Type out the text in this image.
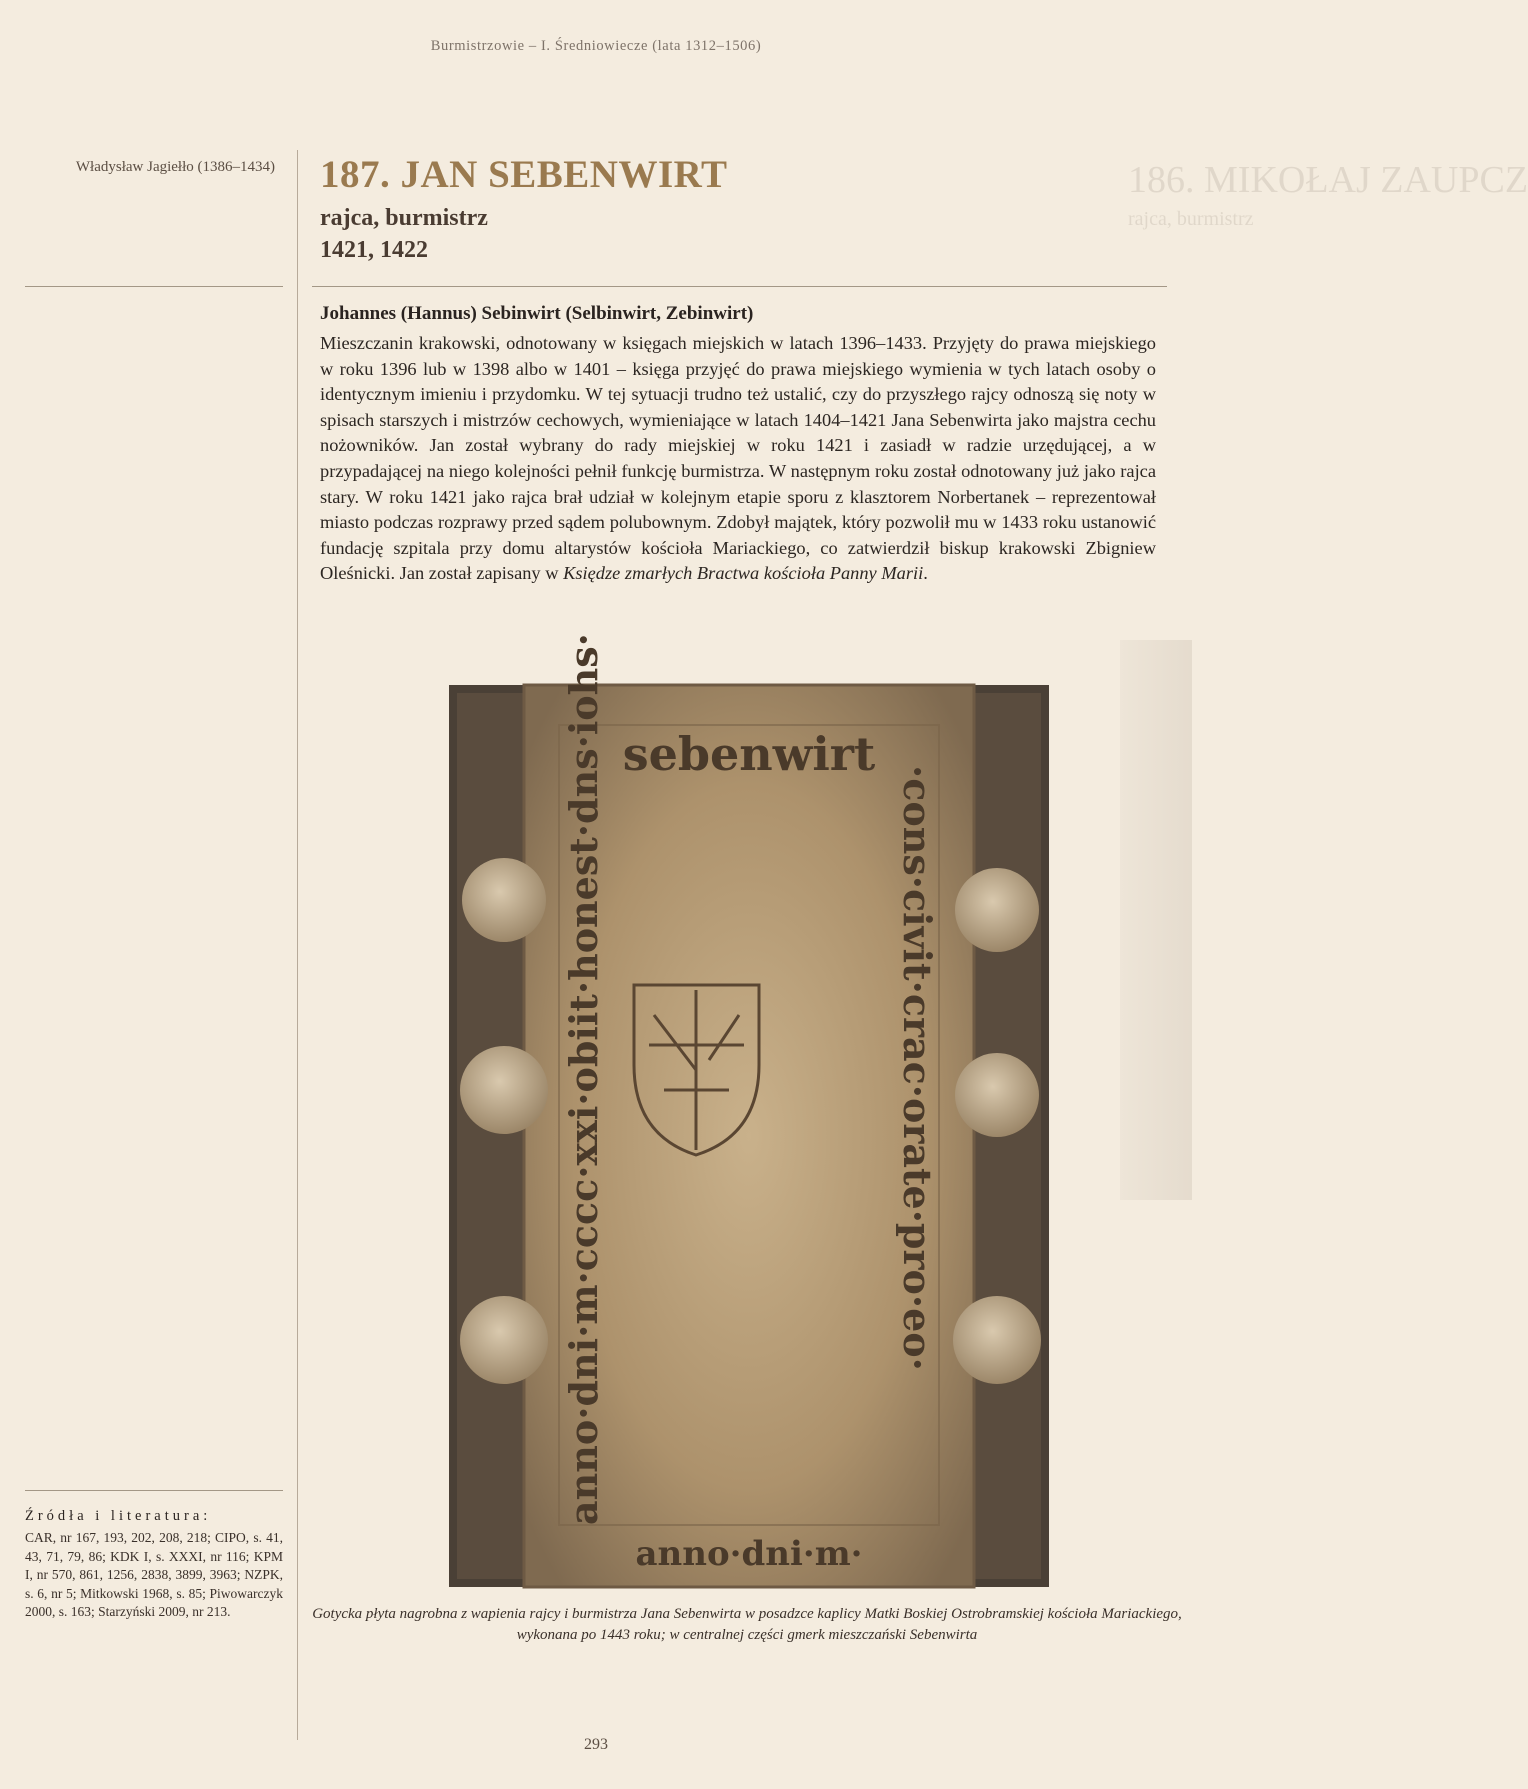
Burmistrzowie – I. Średniowiecze (lata 1312–1506)
186. MIKOŁAJ ZAUPCZ
rajca, burmistrz
Władysław Jagiełło (1386–1434) 187. JAN SEBENWIRT
rajca, burmistrz
1421, 1422
Johannes (Hannus) Sebinwirt (Selbinwirt, Zebinwirt)
Mieszczanin krakowski, odnotowany w księgach miejskich w latach 1396–1433. Przyjęty do prawa miejskiego w roku 1396 lub w 1398 albo w 1401 – księga przyjęć do prawa miejskiego wymienia w tych latach osoby o identycznym imieniu i przydomku. W tej sytuacji trudno też ustalić, czy do przyszłego rajcy odnoszą się noty w spisach starszych i mistrzów cechowych, wymieniające w latach 1404–1421 Jana Sebenwirta jako majstra cechu nożowników. Jan został wybrany do rady miejskiej w roku 1421 i zasiadł w radzie urzędującej, a w przypadającej na niego kolejności pełnił funkcję burmistrza. W następnym roku został odnotowany już jako rajca stary. W roku 1421 jako rajca brał udział w kolejnym etapie sporu z klasztorem Norbertanek – reprezentował miasto podczas rozprawy przed sądem polubownym. Zdobył majątek, który pozwolił mu w 1433 roku ustanowić fundację szpitala przy domu altarystów kościoła Mariackiego, co zatwierdził biskup krakowski Zbigniew Oleśnicki. Jan został zapisany w Księdze zmarłych Bractwa kościoła Panny Marii.
sebenwirt
anno·dni·m·
anno·dni·m·cccc·xxi·obiit·honest·dns·iohs·	·cons·civit·crac·orate·pro·eo·
Gotycka płyta nagrobna z wapienia rajcy i burmistrza Jana Sebenwirta w posadzce kaplicy Matki Boskiej Ostrobramskiej kościoła Mariackiego, wykonana po 1443 roku; w centralnej części gmerk mieszczański Sebenwirta
Źródła i literatura:
CAR, nr 167, 193, 202, 208, 218; CIPO, s. 41, 43, 71, 79, 86; KDK I, s. XXXI, nr 116; KPM I, nr 570, 861, 1256, 2838, 3899, 3963; NZPK, s. 6, nr 5; Mitkowski 1968, s. 85; Piwowarczyk 2000, s. 163; Starzyński 2009, nr 213.
293
